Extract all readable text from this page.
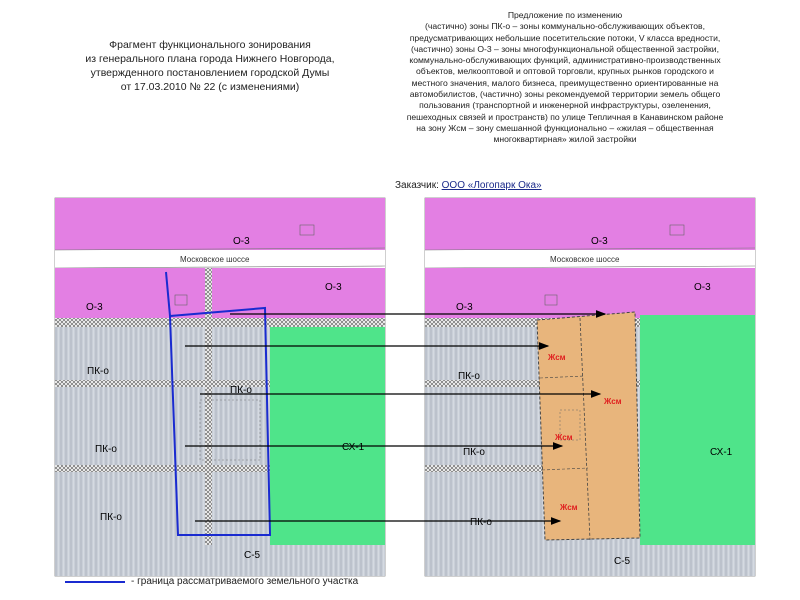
Фрагмент функционального зонирования
из генерального плана города Нижнего Новгорода,
утвержденного постановлением городской Думы
от 17.03.2010 № 22 (с изменениями)
Предложение по изменению
(частично) зоны ПК-о – зоны коммунально-обслуживающих объектов,
предусматривающих небольшие посетительские потоки, V класса вредности,
(частично) зоны О-3 – зоны многофункциональной общественной застройки,
коммунально-обслуживающих функций, административно-производственных
объектов, мелкооптовой и оптовой торговли, крупных рынков городского и
местного значения, малого бизнеса, преимущественно ориентированные на
автомобилистов, (частично) зоны рекомендуемой территории земель общего
пользования (транспортной и инженерной инфраструктуры, озеленения,
пешеходных связей и пространств) по улице Тепличная в Канавинском районе
на зону Жсм – зону смешанной функционально – «жилая – общественная
многоквартирная» жилой застройки
Заказчик: ООО «Логопарк Ока»
О-3
Московское шоссе
О-3
О-3
ПК-о
ПК-о
ПК-о
ПК-о
СХ-1
С-5
О-3
Московское шоссе
О-3
О-3
ПК-о
ПК-о
ПК-о
СХ-1
С-5
Жсм
Жсм
Жсм
Жсм
- граница рассматриваемого земельного участка
